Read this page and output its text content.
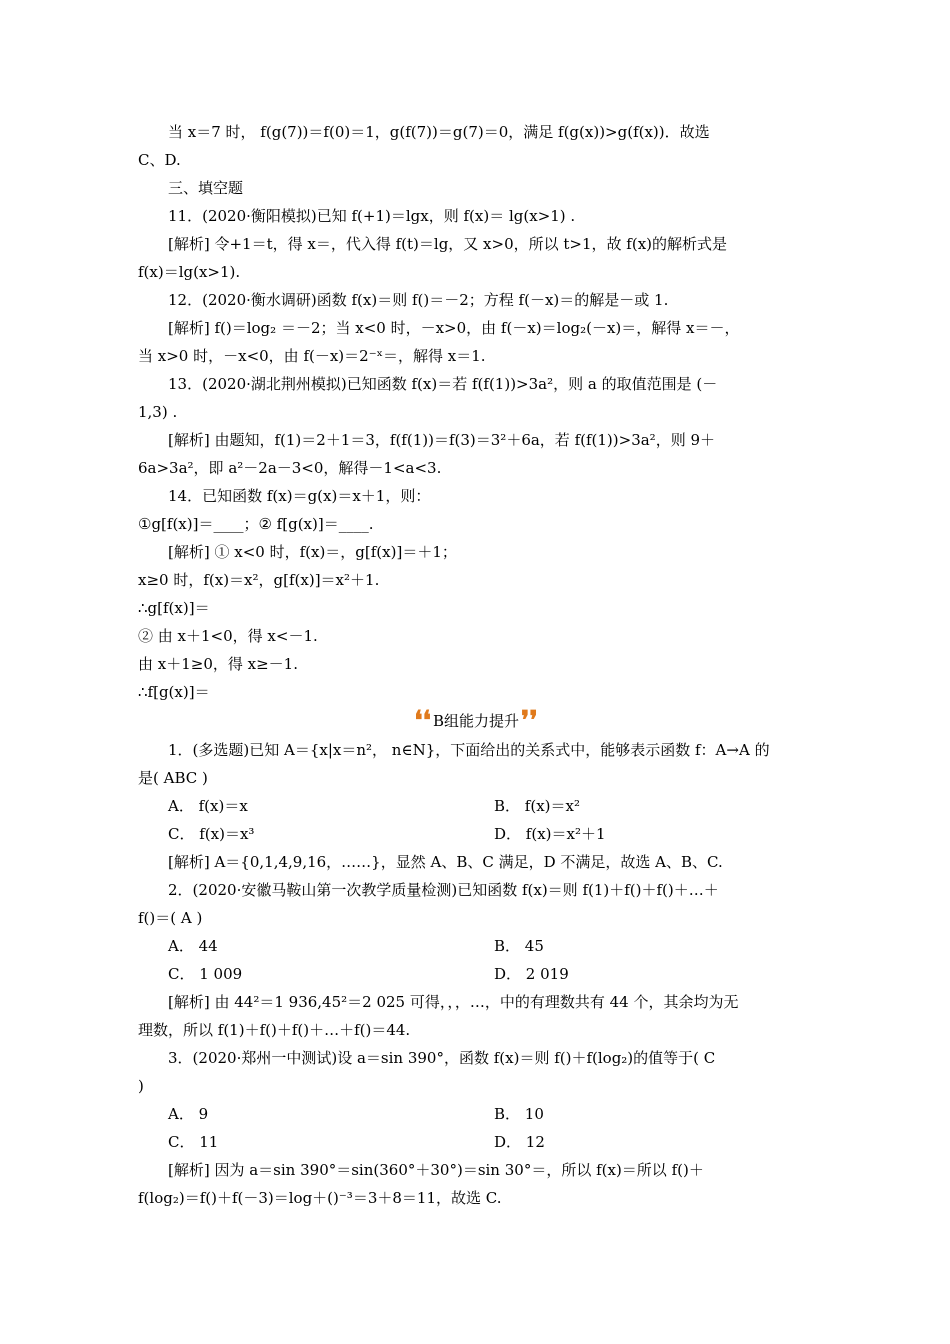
当 x＝7 时， f(g(7))＝f(0)＝1，g(f(7))＝g(7)＝0，满足 f(g(x))>g(f(x))．故选
C、D.
三、填空题
11．(2020·衡阳模拟)已知 f(+1)＝lgx，则 f(x)＝ lg(x>1) .
[解析] 令+1＝t，得 x＝，代入得 f(t)＝lg，又 x>0，所以 t>1，故 f(x)的解析式是
f(x)＝lg(x>1).
12．(2020·衡水调研)函数 f(x)＝则 f()＝－2；方程 f(－x)＝的解是－或 1.
[解析] f()＝log₂ ＝－2；当 x<0 时，－x>0，由 f(－x)＝log₂(－x)＝，解得 x＝－，
当 x>0 时，－x<0，由 f(－x)＝2⁻ˣ＝，解得 x＝1.
13．(2020·湖北荆州模拟)已知函数 f(x)＝若 f(f(1))>3a²，则 a 的取值范围是 (－
1,3) .
[解析] 由题知，f(1)＝2＋1＝3，f(f(1))＝f(3)＝3²＋6a，若 f(f(1))>3a²，则 9＋
6a>3a²，即 a²－2a－3<0，解得－1<a<3.
14．已知函数 f(x)＝g(x)＝x＋1，则：
①g[f(x)]＝____；② f[g(x)]＝____.
[解析] ① x<0 时，f(x)＝，g[f(x)]＝＋1；
x≥0 时，f(x)＝x²，g[f(x)]＝x²＋1.
∴g[f(x)]＝
② 由 x＋1<0，得 x<－1.
由 x＋1≥0，得 x≥－1.
∴f[g(x)]＝
❛❛ B组能力提升 ❜❜
1．(多选题)已知 A＝{x|x＝n²， n∈N}，下面给出的关系式中，能够表示函数 f：A→A 的
是( ABC )
A． f(x)＝x	B． f(x)＝x²
C． f(x)＝x³	D． f(x)＝x²＋1
[解析] A＝{0,1,4,9,16，……}，显然 A、B、C 满足，D 不满足，故选 A、B、C.
2．(2020·安徽马鞍山第一次教学质量检测)已知函数 f(x)＝则 f(1)＋f()＋f()＋…＋
f()＝( A )
A． 44	B． 45
C． 1 009	D． 2 019
[解析] 由 44²＝1 936,45²＝2 025 可得，，，…，中的有理数共有 44 个，其余均为无
理数，所以 f(1)＋f()＋f()＋…＋f()＝44.
3．(2020·郑州一中测试)设 a＝sin 390°，函数 f(x)＝则 f()＋f(log₂)的值等于( C
)
A． 9	B． 10
C． 11	D． 12
[解析] 因为 a＝sin 390°＝sin(360°＋30°)＝sin 30°＝，所以 f(x)＝所以 f()＋
f(log₂)＝f()＋f(－3)＝log＋()⁻³＝3＋8＝11，故选 C.
